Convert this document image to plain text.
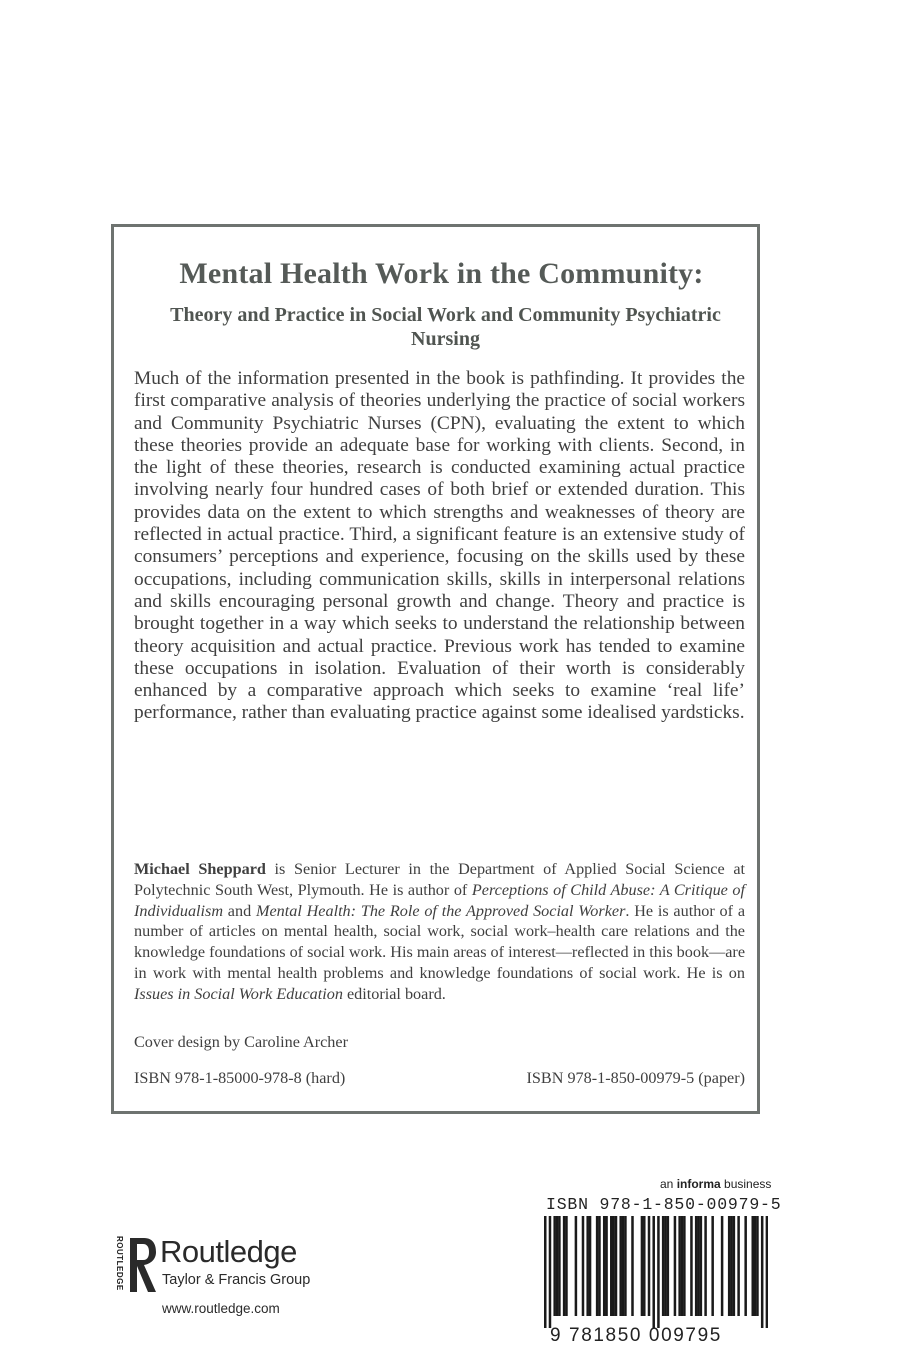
Mental Health Work in the Community:
Theory and Practice in Social Work and Community Psychiatric Nursing

Much of the information presented in the book is pathfinding. It provides the first comparative analysis of theories underlying the practice of social workers and Community Psychiatric Nurses (CPN), evaluating the extent to which these theories provide an adequate base for working with clients. Second, in the light of these theories, research is conducted examining actual practice involving nearly four hundred cases of both brief or extended duration. This provides data on the extent to which strengths and weaknesses of theory are reflected in actual practice. Third, a significant feature is an extensive study of consumers’ perceptions and experience, focusing on the skills used by these occupations, including communication skills, skills in interpersonal relations and skills encouraging personal growth and change. Theory and practice is brought together in a way which seeks to understand the relationship between theory acquisition and actual practice. Previous work has tended to examine these occupations in isolation. Evaluation of their worth is considerably enhanced by a comparative approach which seeks to examine ‘real life’ performance, rather than evaluating practice against some idealised yardsticks.

Michael Sheppard is Senior Lecturer in the Department of Applied Social Science at Polytechnic South West, Plymouth. He is author of Perceptions of Child Abuse: A Critique of Individualism and Mental Health: The Role of the Approved Social Worker. He is author of a number of articles on mental health, social work, social work–health care relations and the knowledge foundations of social work. His main areas of interest—reflected in this book—are in work with mental health problems and knowledge foundations of social work. He is on Issues in Social Work Education editorial board.

Cover design by Caroline Archer

ISBN 978-1-85000-978-8 (hard)	ISBN 978-1-850-00979-5 (paper)

ROUTLEDGE Routledge

Taylor & Francis Group

www.routledge.com

an informa business

ISBN 978-1-850-00979-5

9 781850 009795
